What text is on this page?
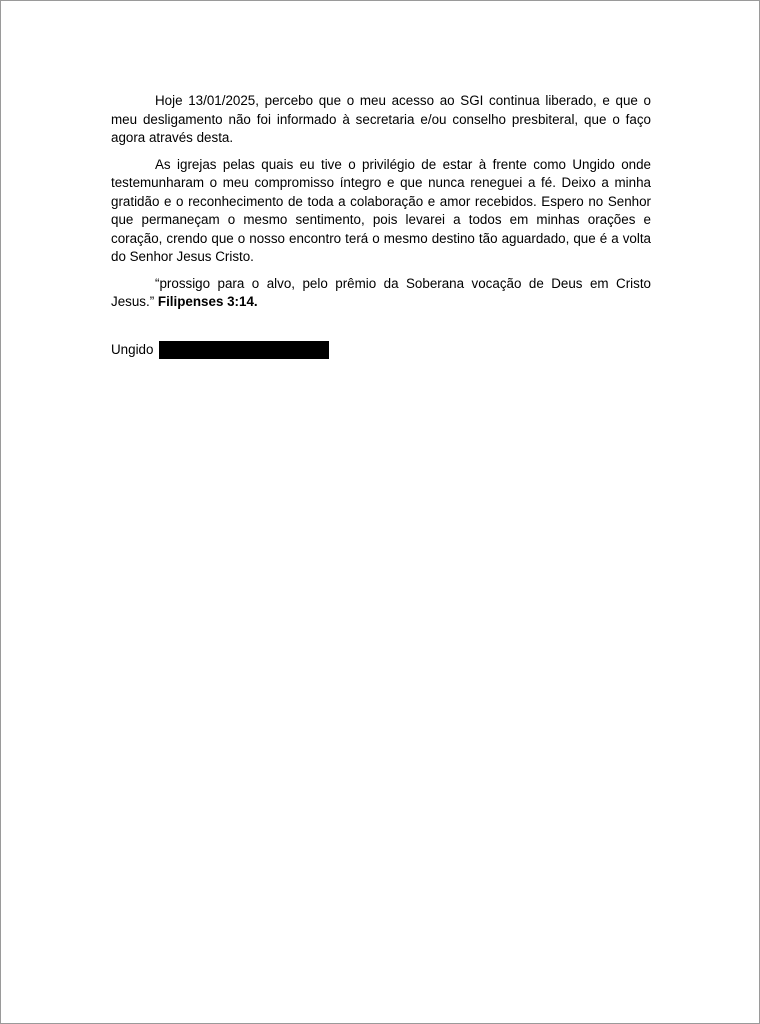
Hoje 13/01/2025, percebo que o meu acesso ao SGI continua liberado, e que o meu desligamento não foi informado à secretaria e/ou conselho presbiteral, que o faço agora através desta.

As igrejas pelas quais eu tive o privilégio de estar à frente como Ungido onde testemunharam o meu compromisso íntegro e que nunca reneguei a fé. Deixo a minha gratidão e o reconhecimento de toda a colaboração e amor recebidos. Espero no Senhor que permaneçam o mesmo sentimento, pois levarei a todos em minhas orações e coração, crendo que o nosso encontro terá o mesmo destino tão aguardado, que é a volta do Senhor Jesus Cristo.

“prossigo para o alvo, pelo prêmio da Soberana vocação de Deus em Cristo Jesus.” Filipenses 3:14.

Ungido
